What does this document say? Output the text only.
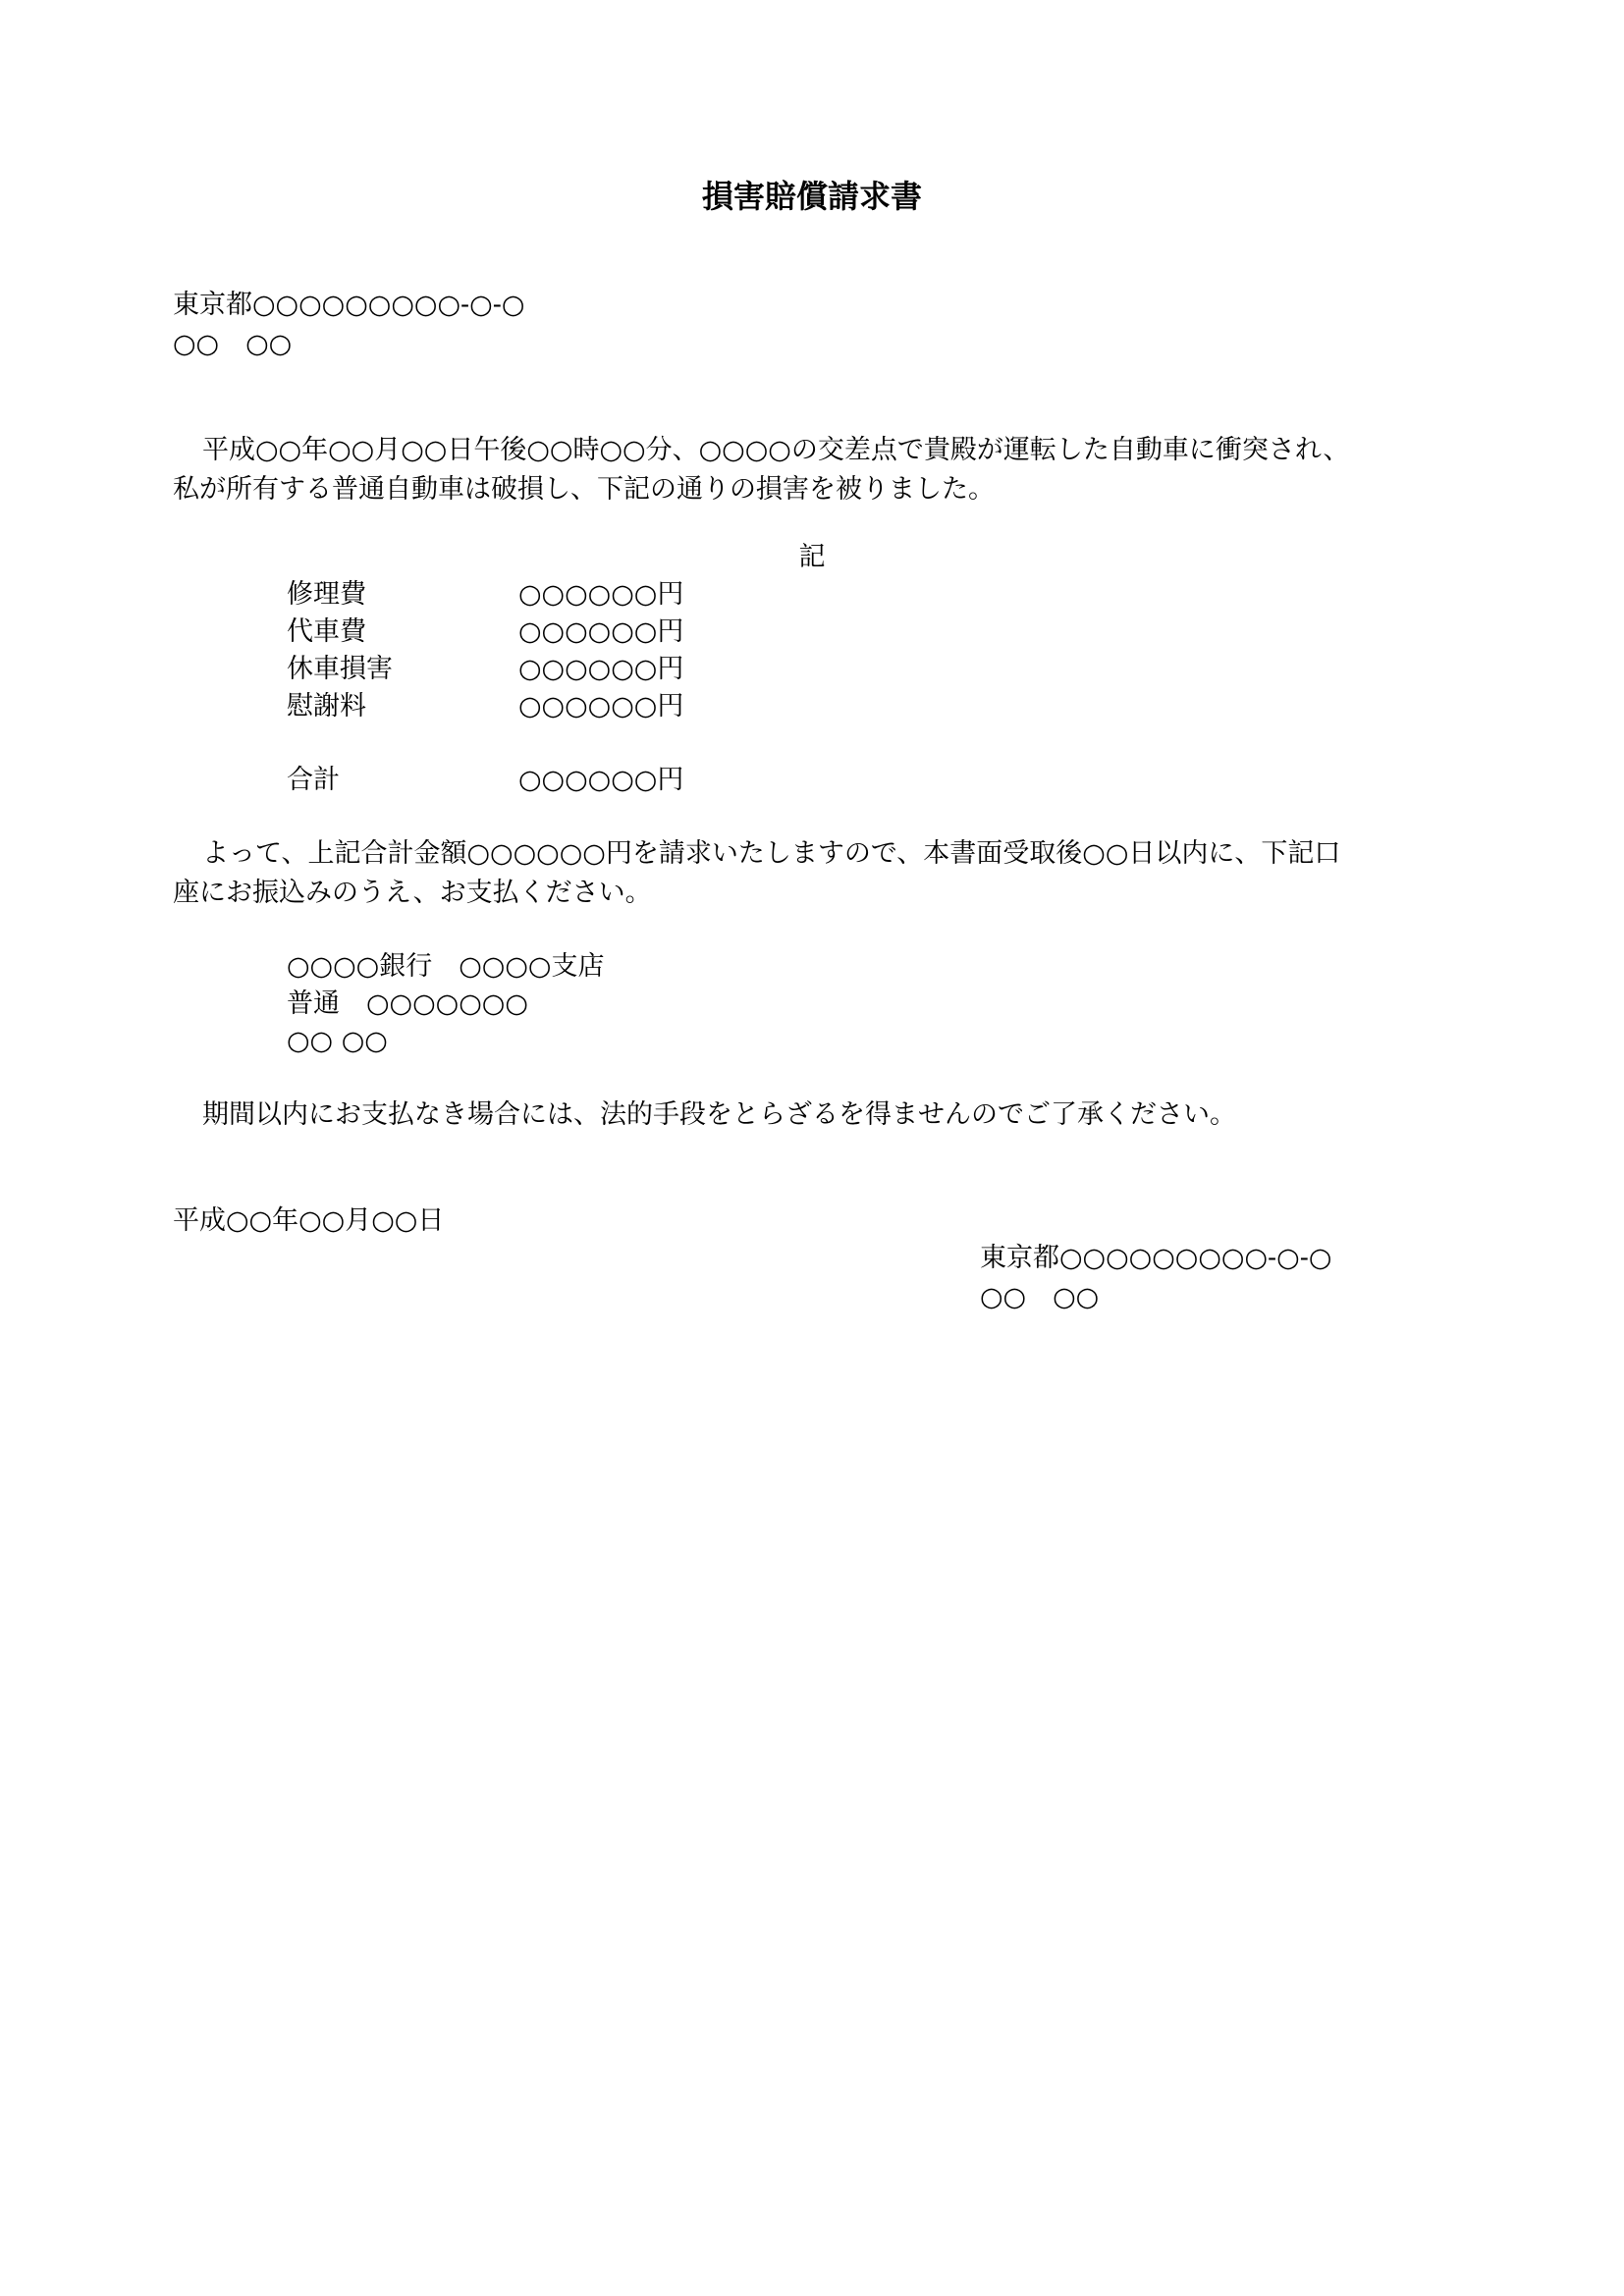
損害賠償請求書
東京都○○○○○○○○○-○-○
○○　○○
平成○○年○○月○○日午後○○時○○分、○○○○の交差点で貴殿が運転した自動車に衝突され、
私が所有する普通自動車は破損し、下記の通りの損害を被りました。
記
修理費	○○○○○○円
代車費	○○○○○○円
休車損害	○○○○○○円
慰謝料	○○○○○○円
合計	○○○○○○円
よって、上記合計金額○○○○○○円を請求いたしますので、本書面受取後○○日以内に、下記口
座にお振込みのうえ、お支払ください。
○○○○銀行　○○○○支店
普通　○○○○○○○
○○ ○○
期間以内にお支払なき場合には、法的手段をとらざるを得ませんのでご了承ください。
平成○○年○○月○○日
東京都○○○○○○○○○-○-○
○○　○○
